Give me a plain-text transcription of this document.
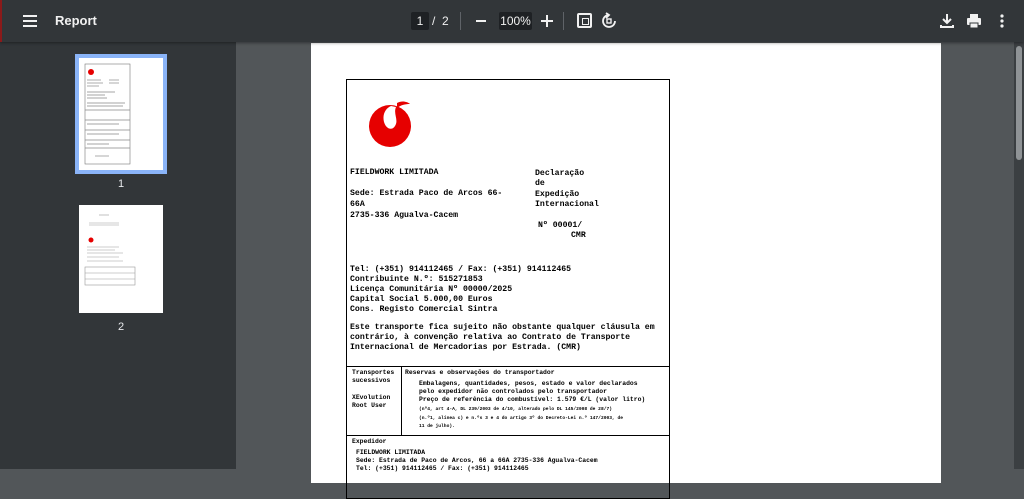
Report	1 / 2	100%
1
2
FIELDWORK LIMITADA
Sede: Estrada Paco de Arcos 66-
66A
2735-336 Agualva-Cacem
Declaração
de
Expedição
Internacional
Nº 00001/
CMR
Tel: (+351) 914112465 / Fax: (+351) 914112465
Contribuinte N.º: 515271853
Licença Comunitária Nº 00000/2025
Capital Social 5.000,00 Euros
Cons. Registo Comercial Sintra
Este transporte fica sujeito não obstante qualquer cláusula em
contrário, à convenção relativa ao Contrato de Transporte
Internacional de Mercadorias por Estrada. (CMR)
Transportes
sucessivos
XEvolution
Root User
Reservas e observações do transportador
Embalagens, quantidades, pesos, estado e valor declarados
pelo expedidor não controlados pelo transportador
Preço de referência do combustível: 1.579 €/L (valor litro)
(nº4, art 4-A, DL 239/2003 de 4/10, alterado pelo DL 145/2008 de 28/7)
(n.º1, alínea c) e n.ºs 3 e 4 do artigo 3º do Decreto-Lei n.º 147/2003, de
11 de julho).
Expedidor
FIELDWORK LIMITADA
Sede: Estrada de Paco de Arcos, 66 a 66A 2735-336 Agualva-Cacem
Tel: (+351) 914112465 / Fax: (+351) 914112465
